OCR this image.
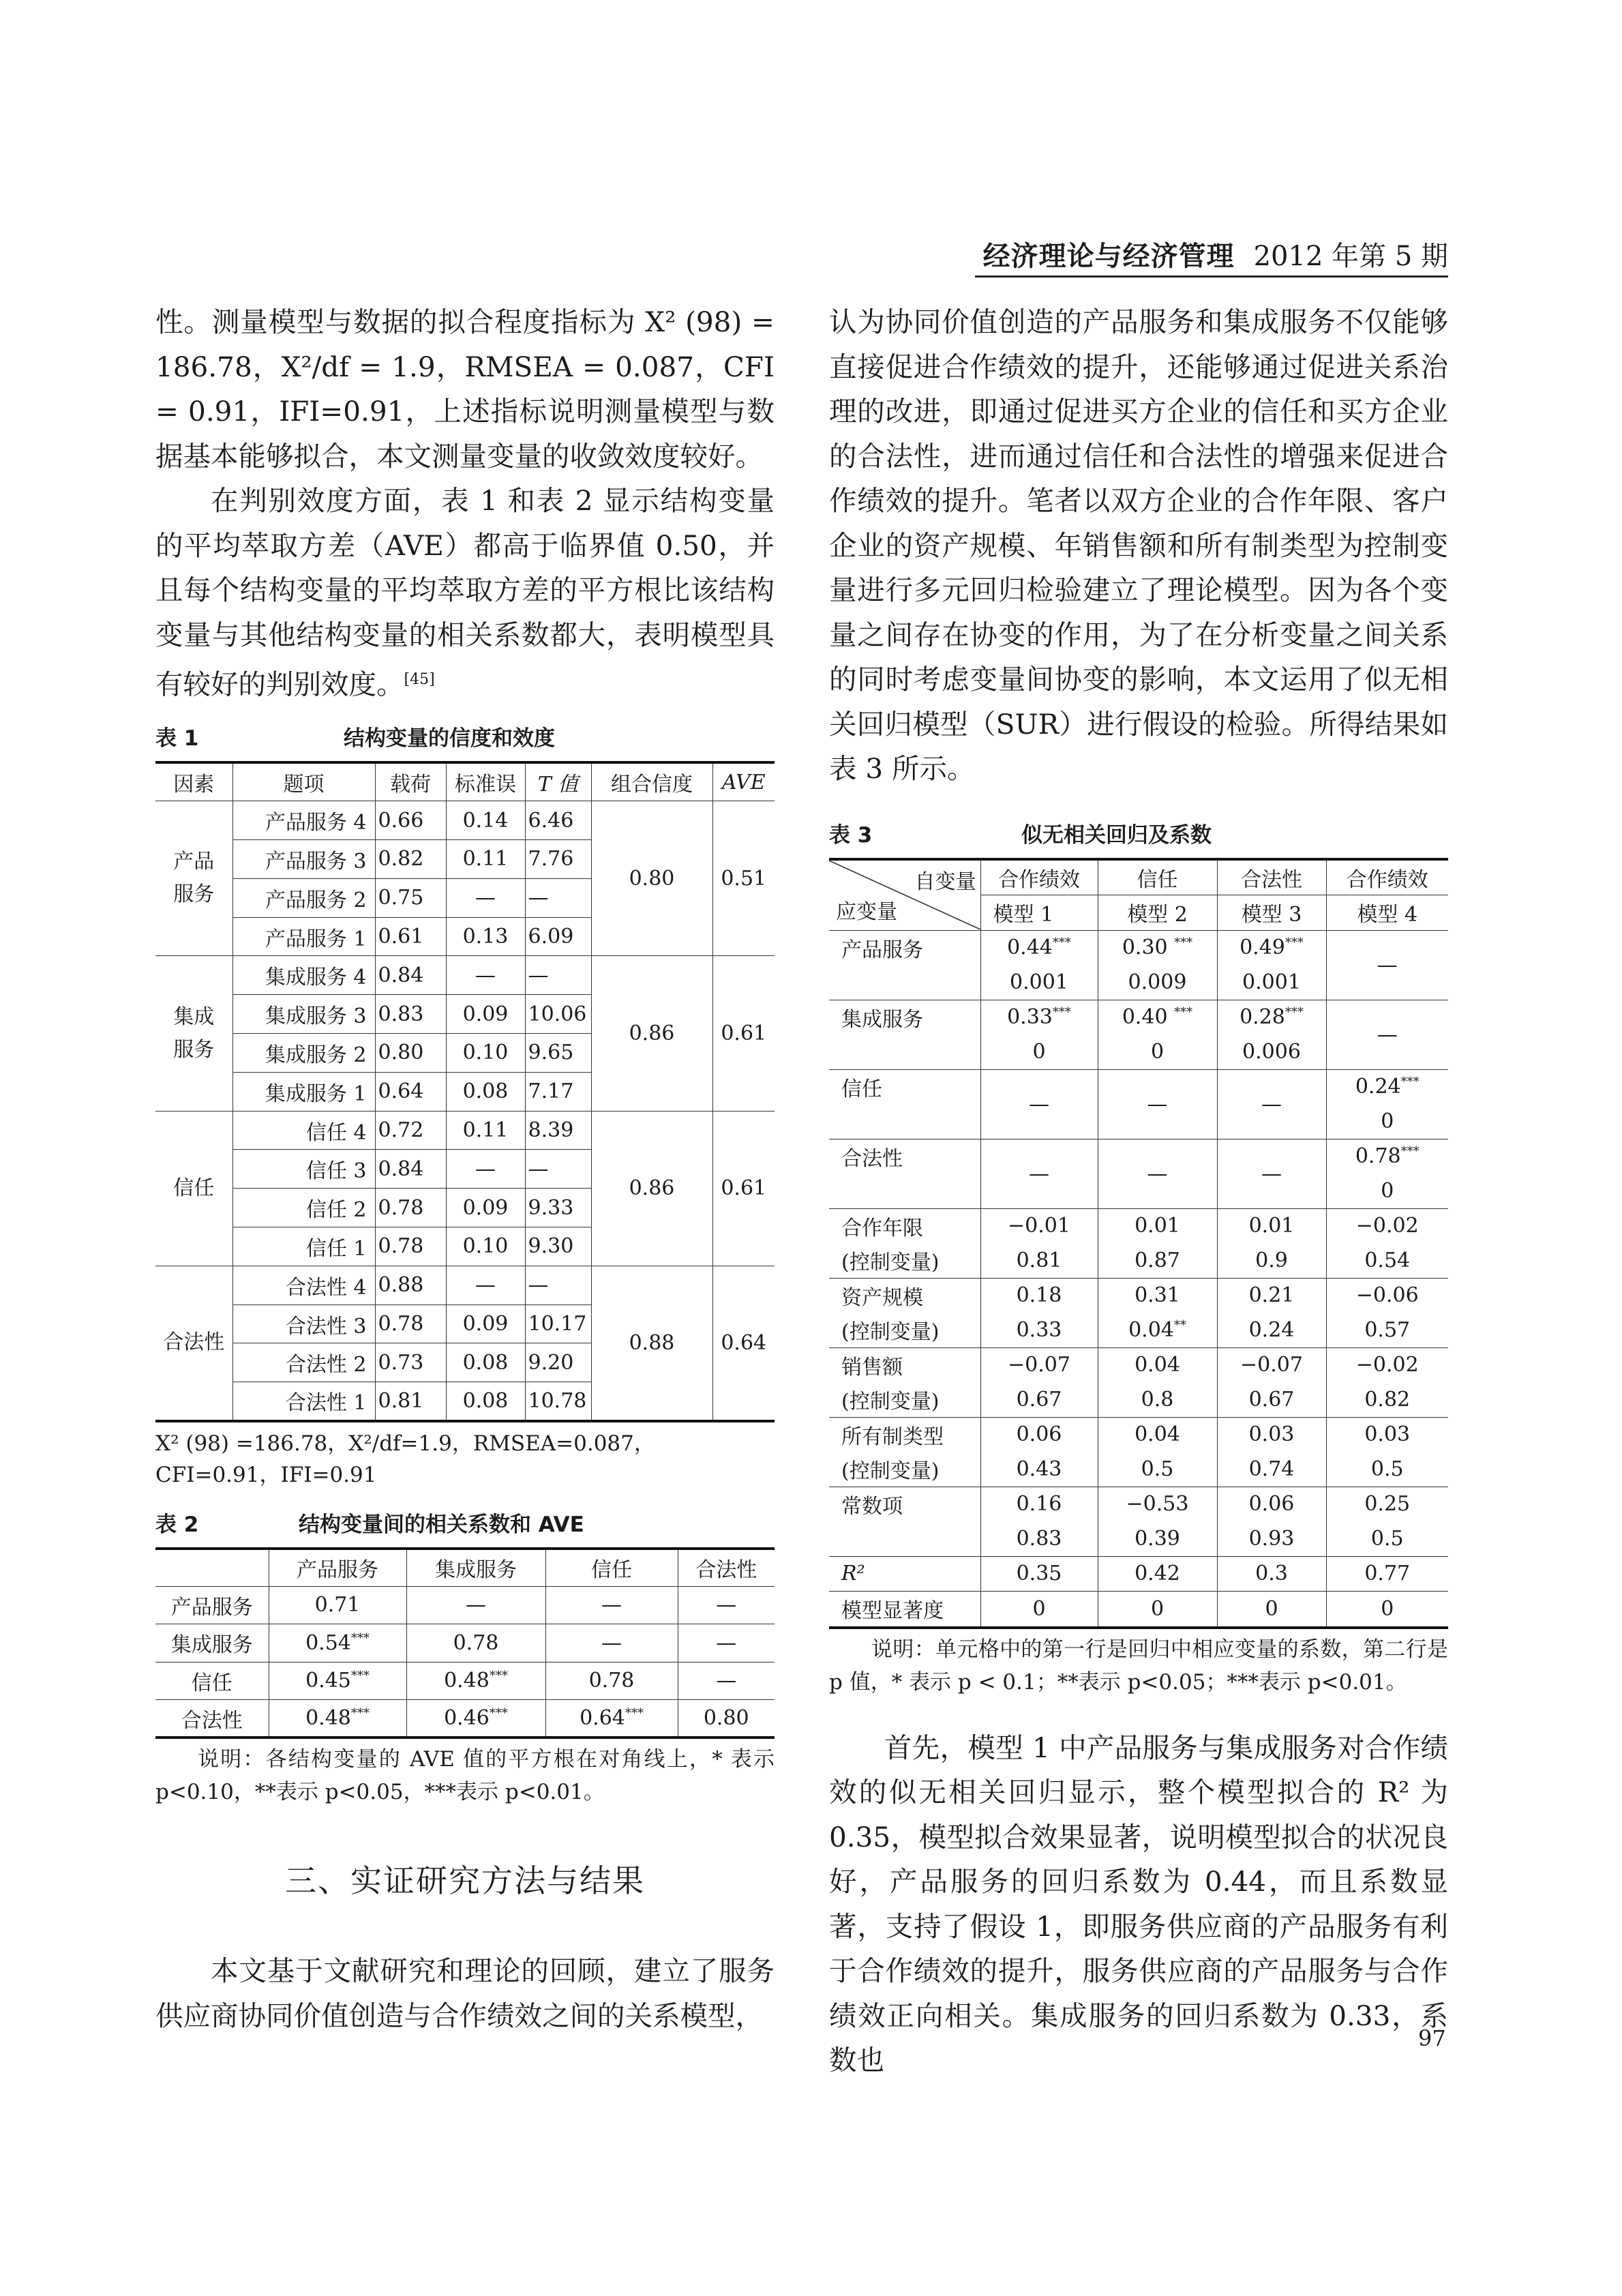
经济理论与经济管理 2012 年第 5 期

性。测量模型与数据的拟合程度指标为 X² (98) = 186.78，X²/df = 1.9，RMSEA = 0.087，CFI = 0.91，IFI=0.91，上述指标说明测量模型与数据基本能够拟合，本文测量变量的收敛效度较好。

在判别效度方面，表 1 和表 2 显示结构变量的平均萃取方差（AVE）都高于临界值 0.50，并且每个结构变量的平均萃取方差的平方根比该结构变量与其他结构变量的相关系数都大，表明模型具有较好的判别效度。[45]

表 1	结构变量的信度和效度

因素	题项	载荷	标准误	T 值	组合信度	AVE
产品
服务	产品服务 4	0.66	0.14	6.46	0.80	0.51
	产品服务 3	0.82	0.11	7.76		
	产品服务 2	0.75	—	—		
	产品服务 1	0.61	0.13	6.09		
集成
服务	集成服务 4	0.84	—	—	0.86	0.61
	集成服务 3	0.83	0.09	10.06		
	集成服务 2	0.80	0.10	9.65		
	集成服务 1	0.64	0.08	7.17		
信任	信任 4	0.72	0.11	8.39	0.86	0.61
	信任 3	0.84	—	—		
	信任 2	0.78	0.09	9.33		
	信任 1	0.78	0.10	9.30		
合法性	合法性 4	0.88	—	—	0.88	0.64
	合法性 3	0.78	0.09	10.17		
	合法性 2	0.73	0.08	9.20		
	合法性 1	0.81	0.08	10.78		

X² (98) =186.78，X²/df=1.9，RMSEA=0.087，
CFI=0.91，IFI=0.91

表 2	结构变量间的相关系数和 AVE

	产品服务	集成服务	信任	合法性
产品服务	0.71	—	—	—
集成服务	0.54***	0.78	—	—
信任	0.45***	0.48***	0.78	—
合法性	0.48***	0.46***	0.64***	0.80

说明：各结构变量的 AVE 值的平方根在对角线上，* 表示 p<0.10，**表示 p<0.05，***表示 p<0.01。

三、实证研究方法与结果

本文基于文献研究和理论的回顾，建立了服务供应商协同价值创造与合作绩效之间的关系模型，

认为协同价值创造的产品服务和集成服务不仅能够直接促进合作绩效的提升，还能够通过促进关系治理的改进，即通过促进买方企业的信任和买方企业的合法性，进而通过信任和合法性的增强来促进合作绩效的提升。笔者以双方企业的合作年限、客户企业的资产规模、年销售额和所有制类型为控制变量进行多元回归检验建立了理论模型。因为各个变量之间存在协变的作用，为了在分析变量之间关系的同时考虑变量间协变的影响，本文运用了似无相关回归模型（SUR）进行假设的检验。所得结果如表 3 所示。

表 3	似无相关回归及系数

自变量
应变量	合作绩效	信任	合法性	合作绩效
	模型 1	模型 2	模型 3	模型 4
产品服务	0.44***	0.30 ***	0.49***	—
	0.001	0.009	0.001	
集成服务	0.33***	0.40 ***	0.28***	—
	0	0	0.006	
信任	—	—	—	0.24***
				0
合法性	—	—	—	0.78***
				0
合作年限	−0.01	0.01	0.01	−0.02
(控制变量)	0.81	0.87	0.9	0.54
资产规模	0.18	0.31	0.21	−0.06
(控制变量)	0.33	0.04**	0.24	0.57
销售额	−0.07	0.04	−0.07	−0.02
(控制变量)	0.67	0.8	0.67	0.82
所有制类型	0.06	0.04	0.03	0.03
(控制变量)	0.43	0.5	0.74	0.5
常数项	0.16	−0.53	0.06	0.25
	0.83	0.39	0.93	0.5
R²	0.35	0.42	0.3	0.77
模型显著度	0	0	0	0

说明：单元格中的第一行是回归中相应变量的系数，第二行是 p 值，* 表示 p < 0.1；**表示 p<0.05；***表示 p<0.01。

首先，模型 1 中产品服务与集成服务对合作绩效的似无相关回归显示，整个模型拟合的 R² 为 0.35，模型拟合效果显著，说明模型拟合的状况良好，产品服务的回归系数为 0.44，而且系数显著，支持了假设 1，即服务供应商的产品服务有利于合作绩效的提升，服务供应商的产品服务与合作绩效正向相关。集成服务的回归系数为 0.33，系数也

97
